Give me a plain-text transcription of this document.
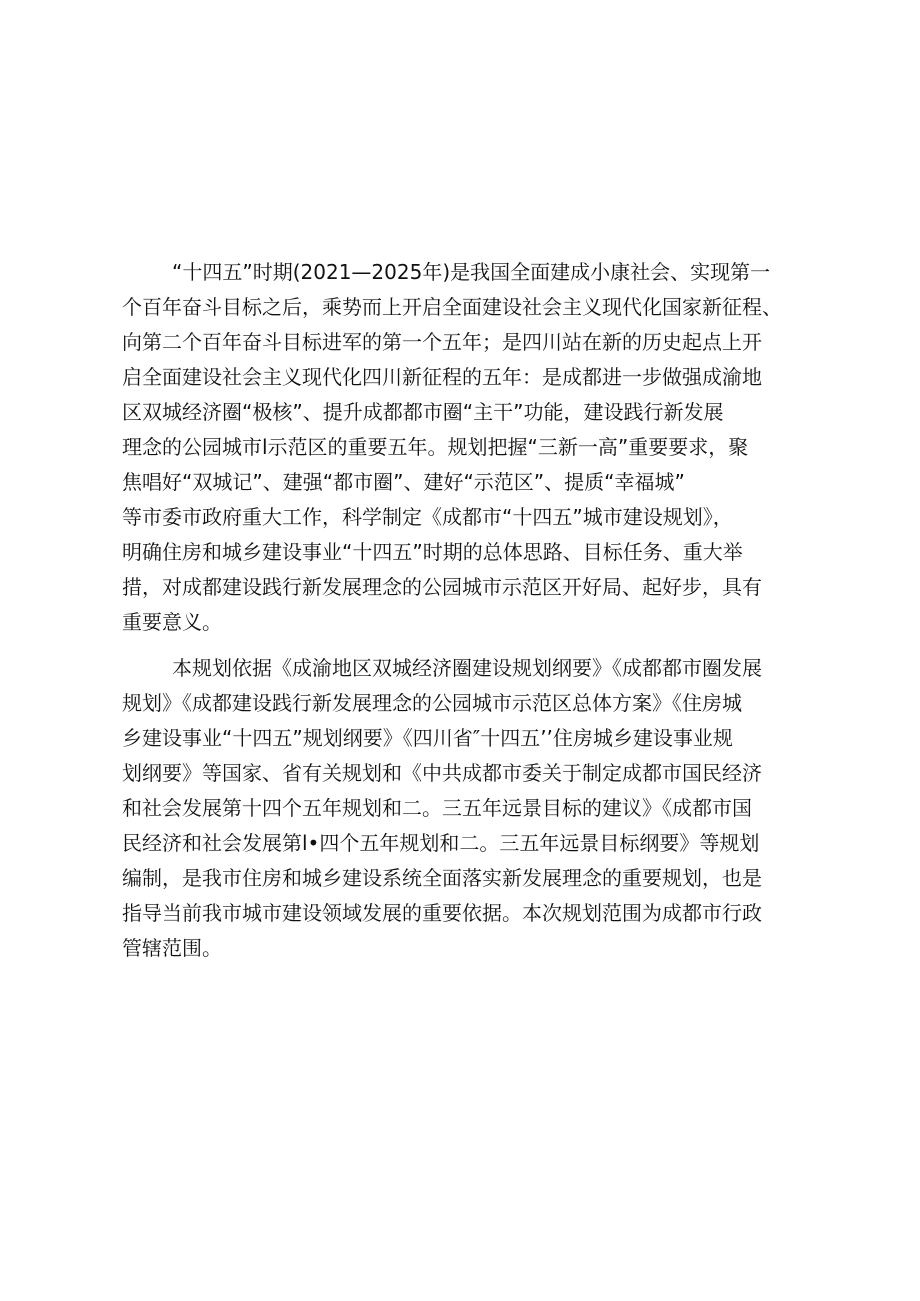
“十四五”时期(2021—2025年)是我国全面建成小康社会、实现第一
个百年奋斗目标之后，乘势而上开启全面建设社会主义现代化国家新征程、
向第二个百年奋斗目标进军的第一个五年；是四川站在新的历史起点上开
启全面建设社会主义现代化四川新征程的五年：是成都进一步做强成渝地
区双城经济圈“极核”、提升成都都市圈“主干”功能，建设践行新发展
理念的公园城市l示范区的重要五年。规划把握“三新一高”重要要求，聚
焦唱好“双城记”、建强“都市圈”、建好“示范区”、提质“幸福城”
等市委市政府重大工作，科学制定《成都市“十四五”城市建设规划》，
明确住房和城乡建设事业“十四五”时期的总体思路、目标任务、重大举
措，对成都建设践行新发展理念的公园城市示范区开好局、起好步，具有
重要意义。

本规划依据《成渝地区双城经济圈建设规划纲要》《成都都市圈发展
规划》《成都建设践行新发展理念的公园城市示范区总体方案》《住房城
乡建设事业“十四五”规划纲要》《四川省″十四五’’住房城乡建设事业规
划纲要》等国家、省有关规划和《中共成都市委关于制定成都市国民经济
和社会发展第十四个五年规划和二。三五年远景目标的建议》《成都市国
民经济和社会发展第l•四个五年规划和二。三五年远景目标纲要》等规划
编制，是我市住房和城乡建设系统全面落实新发展理念的重要规划，也是
指导当前我市城市建设领域发展的重要依据。本次规划范围为成都市行政
管辖范围。
